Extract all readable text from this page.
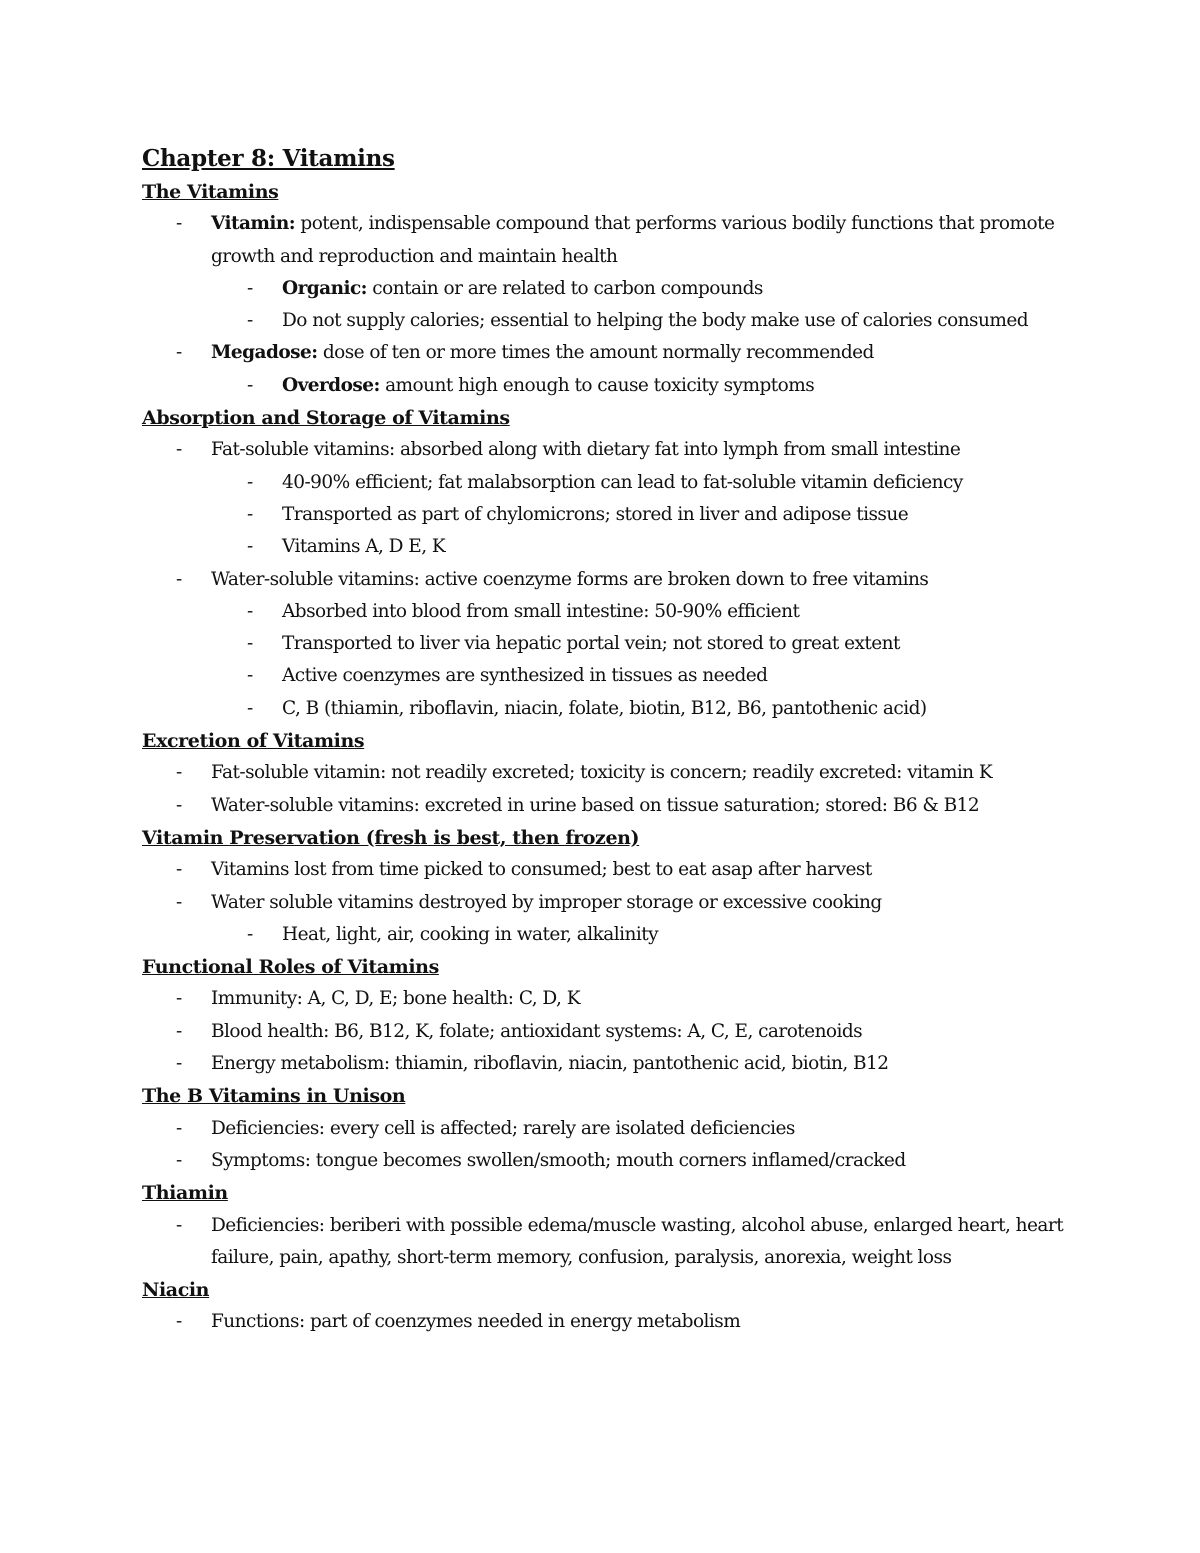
Chapter 8: Vitamins
The Vitamins
- Vitamin: potent, indispensable compound that performs various bodily functions that promote growth and reproduction and maintain health
- Organic: contain or are related to carbon compounds
- Do not supply calories; essential to helping the body make use of calories consumed
- Megadose: dose of ten or more times the amount normally recommended
- Overdose: amount high enough to cause toxicity symptoms
Absorption and Storage of Vitamins
- Fat-soluble vitamins: absorbed along with dietary fat into lymph from small intestine
- 40-90% efficient; fat malabsorption can lead to fat-soluble vitamin deficiency
- Transported as part of chylomicrons; stored in liver and adipose tissue
- Vitamins A, D E, K
- Water-soluble vitamins: active coenzyme forms are broken down to free vitamins
- Absorbed into blood from small intestine: 50-90% efficient
- Transported to liver via hepatic portal vein; not stored to great extent
- Active coenzymes are synthesized in tissues as needed
- C, B (thiamin, riboflavin, niacin, folate, biotin, B12, B6, pantothenic acid)
Excretion of Vitamins
- Fat-soluble vitamin: not readily excreted; toxicity is concern; readily excreted: vitamin K
- Water-soluble vitamins: excreted in urine based on tissue saturation; stored: B6 & B12
Vitamin Preservation (fresh is best, then frozen)
- Vitamins lost from time picked to consumed; best to eat asap after harvest
- Water soluble vitamins destroyed by improper storage or excessive cooking
- Heat, light, air, cooking in water, alkalinity
Functional Roles of Vitamins
- Immunity: A, C, D, E; bone health: C, D, K
- Blood health: B6, B12, K, folate; antioxidant systems: A, C, E, carotenoids
- Energy metabolism: thiamin, riboflavin, niacin, pantothenic acid, biotin, B12
The B Vitamins in Unison
- Deficiencies: every cell is affected; rarely are isolated deficiencies
- Symptoms: tongue becomes swollen/smooth; mouth corners inflamed/cracked
Thiamin
- Deficiencies: beriberi with possible edema/muscle wasting, alcohol abuse, enlarged heart, heart failure, pain, apathy, short-term memory, confusion, paralysis, anorexia, weight loss
Niacin
- Functions: part of coenzymes needed in energy metabolism
